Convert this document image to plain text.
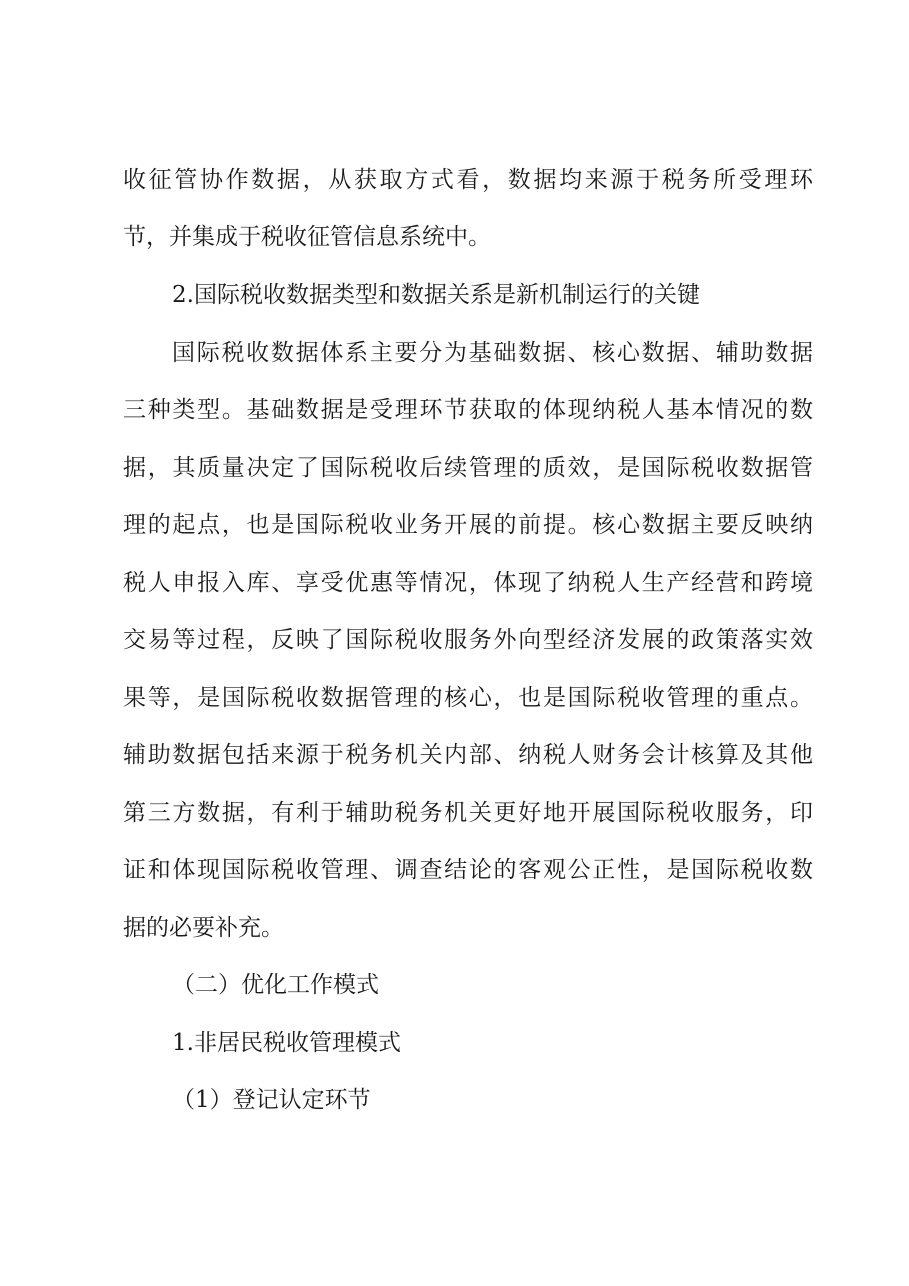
收征管协作数据，从获取方式看，数据均来源于税务所受理环
节，并集成于税收征管信息系统中。
2.国际税收数据类型和数据关系是新机制运行的关键
国际税收数据体系主要分为基础数据、核心数据、辅助数据
三种类型。基础数据是受理环节获取的体现纳税人基本情况的数
据，其质量决定了国际税收后续管理的质效，是国际税收数据管
理的起点，也是国际税收业务开展的前提。核心数据主要反映纳
税人申报入库、享受优惠等情况，体现了纳税人生产经营和跨境
交易等过程，反映了国际税收服务外向型经济发展的政策落实效
果等，是国际税收数据管理的核心，也是国际税收管理的重点。
辅助数据包括来源于税务机关内部、纳税人财务会计核算及其他
第三方数据，有利于辅助税务机关更好地开展国际税收服务，印
证和体现国际税收管理、调查结论的客观公正性，是国际税收数
据的必要补充。
（二）优化工作模式
1.非居民税收管理模式
（1）登记认定环节
